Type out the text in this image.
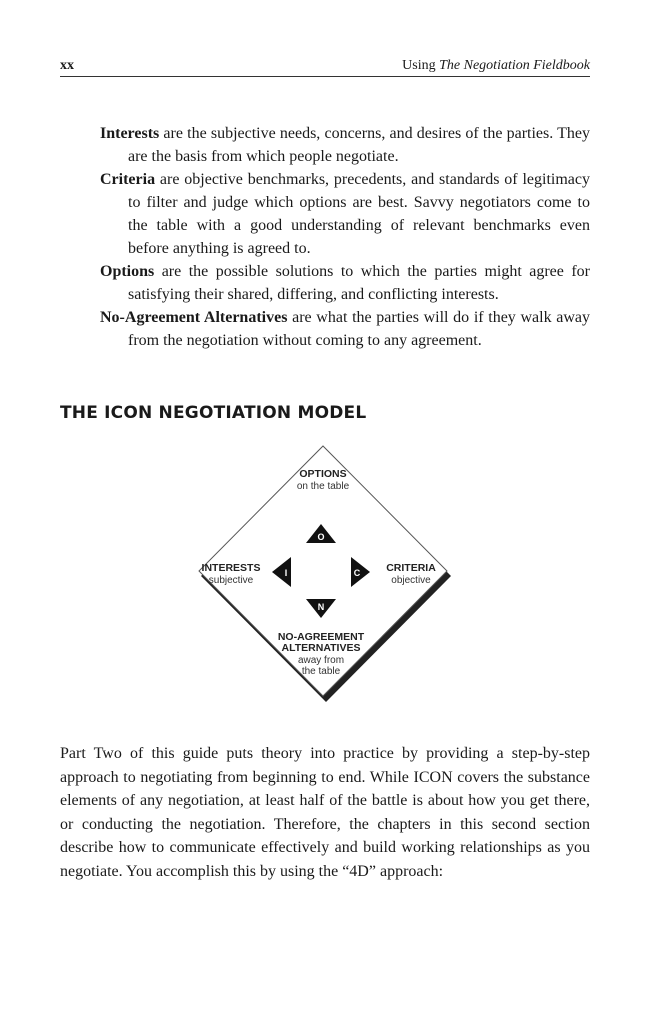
xx	Using The Negotiation Fieldbook

Interests are the subjective needs, concerns, and desires of the parties. They are the basis from which people negotiate.

Criteria are objective benchmarks, precedents, and standards of legitimacy to filter and judge which options are best. Savvy negotiators come to the table with a good understanding of relevant benchmarks even before anything is agreed to.

Options are the possible solutions to which the parties might agree for satisfying their shared, differing, and conflicting interests.

No-Agreement Alternatives are what the parties will do if they walk away from the negotiation without coming to any agreement.

THE ICON NEGOTIATION MODEL
OPTIONS
on the table
INTERESTS
subjective
CRITERIA
objective
NO-AGREEMENT
ALTERNATIVES
away from
the table
O
I	C
N

Part Two of this guide puts theory into practice by providing a step-by-step approach to negotiating from beginning to end. While ICON covers the substance elements of any negotiation, at least half of the battle is about how you get there, or conducting the negotiation. Therefore, the chapters in this second section describe how to communicate effectively and build working relationships as you negotiate. You accomplish this by using the “4D” approach:
